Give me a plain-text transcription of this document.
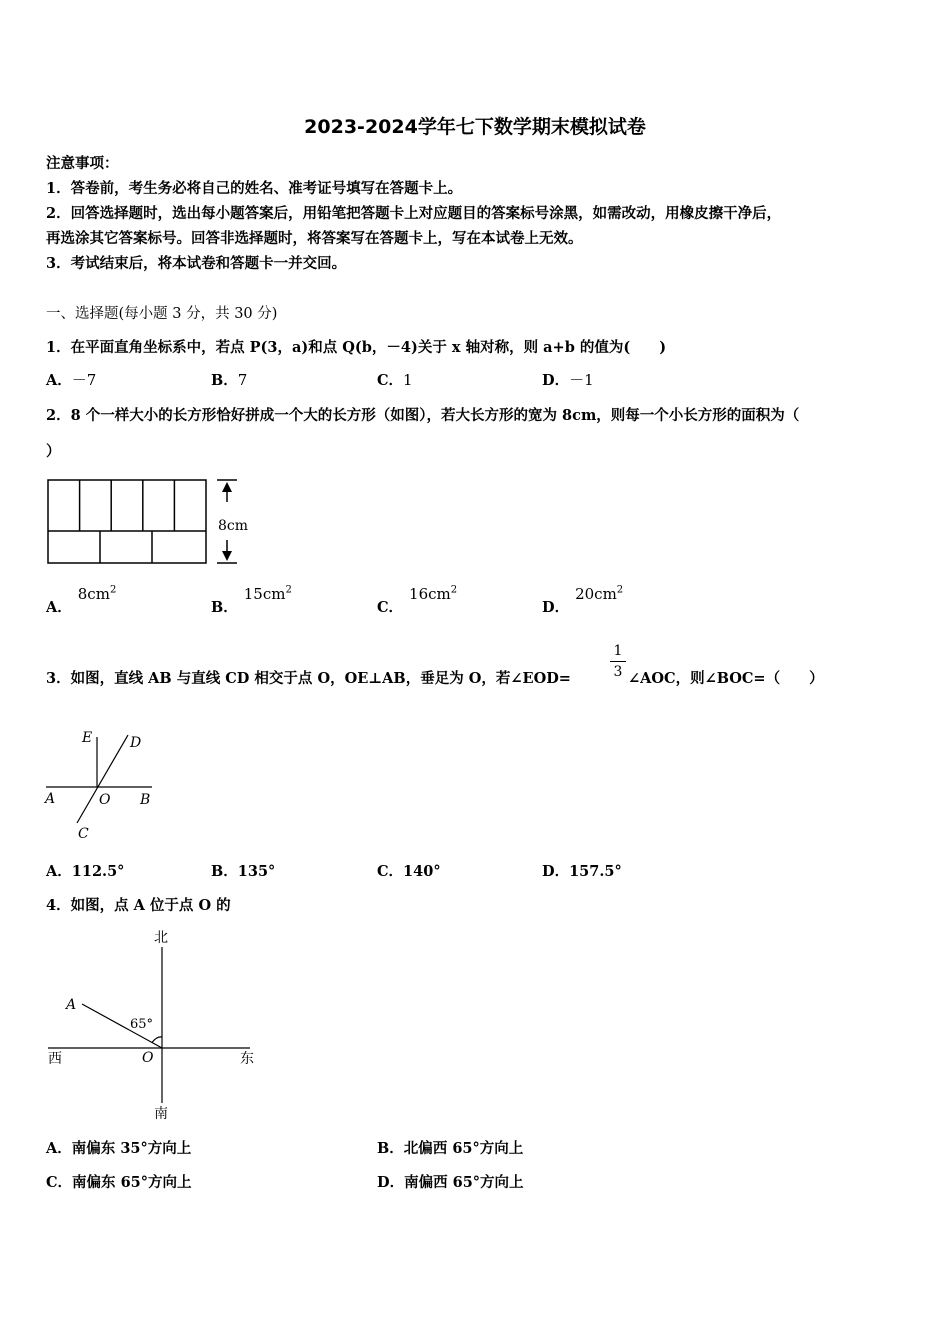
2023-2024学年七下数学期末模拟试卷
注意事项：
1．答卷前，考生务必将自己的姓名、准考证号填写在答题卡上。
2．回答选择题时，选出每小题答案后，用铅笔把答题卡上对应题目的答案标号涂黑，如需改动，用橡皮擦干净后，
再选涂其它答案标号。回答非选择题时，将答案写在答题卡上，写在本试卷上无效。
3．考试结束后，将本试卷和答题卡一并交回。
一、选择题(每小题 3 分，共 30 分)
1．在平面直角坐标系中，若点 P(3，a)和点 Q(b，－4)关于 x 轴对称，则 a+b 的值为(　　)
A．－7	B．7	C．1	D．－1
2．8 个一样大小的长方形恰好拼成一个大的长方形（如图），若大长方形的宽为 8cm，则每一个小长方形的面积为（
）
8cm
A．$8cm^2$
B．$15cm^2$
C．$16cm^2$
D．$20cm^2$
3．如图，直线 AB 与直线 CD 相交于点 O，OE⊥AB，垂足为 O，若∠EOD=
1
3 ∠AOC，则∠BOC=（　　）
E	D
A	O B
C
A．112.5°	B．135°	C．140°	D．157.5°
4．如图，点 A 位于点 O 的
北
西	东
南
A
O
65°
A．南偏东 35°方向上	B．北偏西 65°方向上
C．南偏东 65°方向上	D．南偏西 65°方向上
